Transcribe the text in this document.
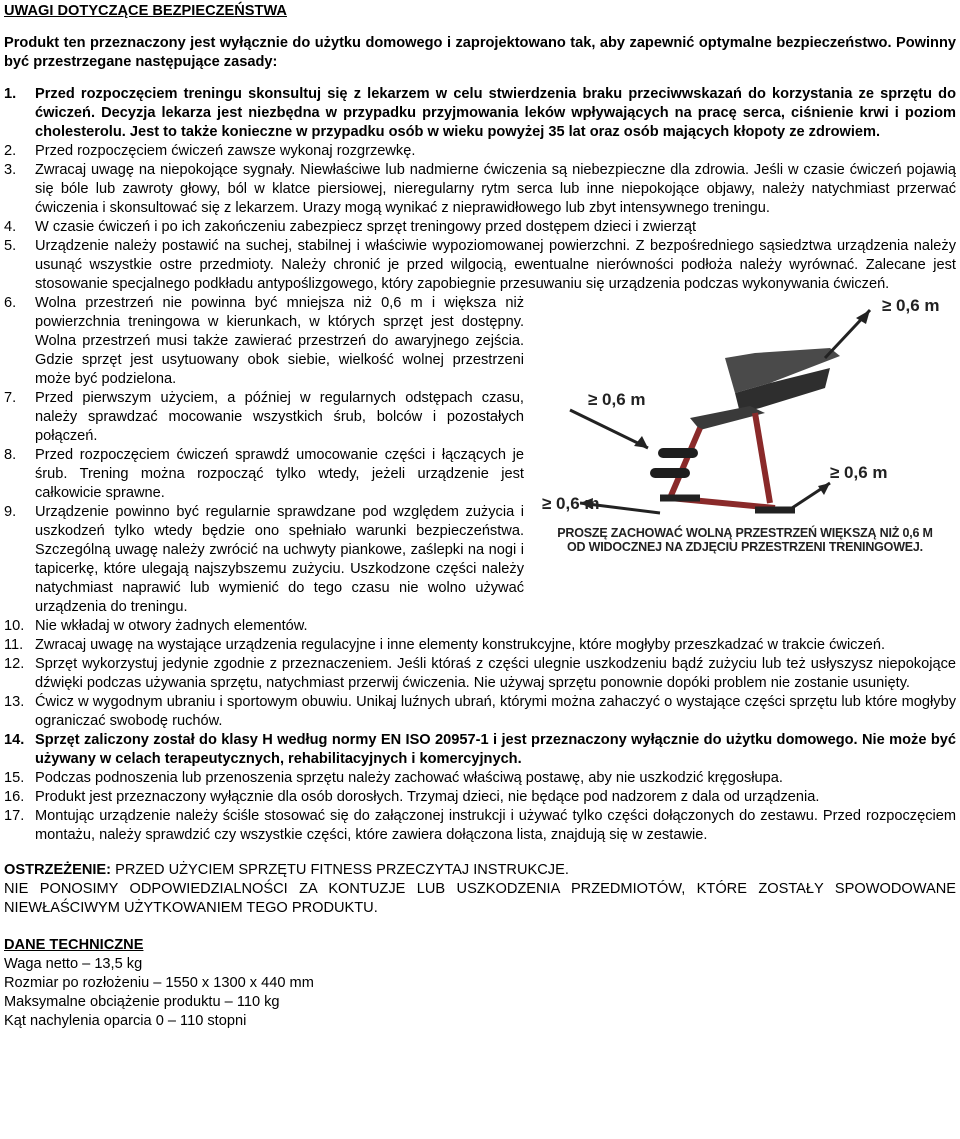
UWAGI DOTYCZĄCE BEZPIECZEŃSTWA
Produkt ten przeznaczony jest wyłącznie do użytku domowego i zaprojektowano tak, aby zapewnić optymalne bezpieczeństwo. Powinny być przestrzegane następujące zasady:
1.	Przed rozpoczęciem treningu skonsultuj się z lekarzem w celu stwierdzenia braku przeciwwskazań do korzystania ze sprzętu do ćwiczeń. Decyzja lekarza jest niezbędna w przypadku przyjmowania leków wpływających na pracę serca, ciśnienie krwi i poziom cholesterolu. Jest to także konieczne w przypadku osób w wieku powyżej 35 lat oraz osób mających kłopoty ze zdrowiem.
2.	Przed rozpoczęciem ćwiczeń zawsze wykonaj rozgrzewkę.
3.	Zwracaj uwagę na niepokojące sygnały. Niewłaściwe lub nadmierne ćwiczenia są niebezpieczne dla zdrowia. Jeśli w czasie ćwiczeń pojawią się bóle lub zawroty głowy, ból w klatce piersiowej, nieregularny rytm serca lub inne niepokojące objawy, należy natychmiast przerwać ćwiczenia i skonsultować się z lekarzem. Urazy mogą wynikać z nieprawidłowego lub zbyt intensywnego treningu.
4.	W czasie ćwiczeń i po ich zakończeniu zabezpiecz sprzęt treningowy przed dostępem dzieci i zwierząt
5.	Urządzenie należy postawić na suchej, stabilnej i właściwie wypoziomowanej powierzchni. Z bezpośredniego sąsiedztwa urządzenia należy usunąć wszystkie ostre przedmioty. Należy chronić je przed wilgocią, ewentualne nierówności podłoża należy wyrównać. Zalecane jest stosowanie specjalnego podkładu antypoślizgowego, który zapobiegnie przesuwaniu się urządzenia podczas wykonywania ćwiczeń.
≥ 0,6 m
≥ 0,6 m
≥ 0,6 m
≥ 0,6 m
PROSZĘ ZACHOWAĆ WOLNĄ PRZESTRZEŃ WIĘKSZĄ NIŻ 0,6 M OD WIDOCZNEJ NA ZDJĘCIU PRZESTRZENI TRENINGOWEJ.
6.	Wolna przestrzeń nie powinna być mniejsza niż 0,6 m i większa niż powierzchnia treningowa w kierunkach, w których sprzęt jest dostępny. Wolna przestrzeń musi także zawierać przestrzeń do awaryjnego zejścia. Gdzie sprzęt jest usytuowany obok siebie, wielkość wolnej przestrzeni może być podzielona.
7.	Przed pierwszym użyciem, a później w regularnych odstępach czasu, należy sprawdzać mocowanie wszystkich śrub, bolców i pozostałych połączeń.
8.	Przed rozpoczęciem ćwiczeń sprawdź umocowanie części i łączących je śrub. Trening można rozpocząć tylko wtedy, jeżeli urządzenie jest całkowicie sprawne.
9.	Urządzenie powinno być regularnie sprawdzane pod względem zużycia i uszkodzeń tylko wtedy będzie ono spełniało warunki bezpieczeństwa. Szczególną uwagę należy zwrócić na uchwyty piankowe, zaślepki na nogi i tapicerkę, które ulegają najszybszemu zużyciu. Uszkodzone części należy natychmiast naprawić lub wymienić do tego czasu nie wolno używać urządzenia do treningu.
10. Nie wkładaj w otwory żadnych elementów.
11. Zwracaj uwagę na wystające urządzenia regulacyjne i inne elementy konstrukcyjne, które mogłyby przeszkadzać w trakcie ćwiczeń.
12. Sprzęt wykorzystuj jedynie zgodnie z przeznaczeniem. Jeśli któraś z części ulegnie uszkodzeniu bądź zużyciu lub też usłyszysz niepokojące dźwięki podczas używania sprzętu, natychmiast przerwij ćwiczenia. Nie używaj sprzętu ponownie dopóki problem nie zostanie usunięty.
13. Ćwicz w wygodnym ubraniu i sportowym obuwiu. Unikaj luźnych ubrań, którymi można zahaczyć o wystające części sprzętu lub które mogłyby ograniczać swobodę ruchów.
14. Sprzęt zaliczony został do klasy H według normy EN ISO 20957-1 i jest przeznaczony wyłącznie do użytku domowego. Nie może być używany w celach terapeutycznych, rehabilitacyjnych i komercyjnych.
15. Podczas podnoszenia lub przenoszenia sprzętu należy zachować właściwą postawę, aby nie uszkodzić kręgosłupa.
16. Produkt jest przeznaczony wyłącznie dla osób dorosłych. Trzymaj dzieci, nie będące pod nadzorem z dala od urządzenia.
17. Montując urządzenie należy ściśle stosować się do załączonej instrukcji i używać tylko części dołączonych do zestawu. Przed rozpoczęciem montażu, należy sprawdzić czy wszystkie części, które zawiera dołączona lista, znajdują się w zestawie.
OSTRZEŻENIE: PRZED UŻYCIEM SPRZĘTU FITNESS PRZECZYTAJ INSTRUKCJE.
NIE PONOSIMY ODPOWIEDZIALNOŚCI ZA KONTUZJE LUB USZKODZENIA PRZEDMIOTÓW, KTÓRE ZOSTAŁY SPOWODOWANE NIEWŁAŚCIWYM UŻYTKOWANIEM TEGO PRODUKTU.
DANE TECHNICZNE
Waga netto – 13,5 kg
Rozmiar po rozłożeniu – 1550 x 1300 x 440 mm
Maksymalne obciążenie produktu – 110 kg
Kąt nachylenia oparcia 0 – 110 stopni
